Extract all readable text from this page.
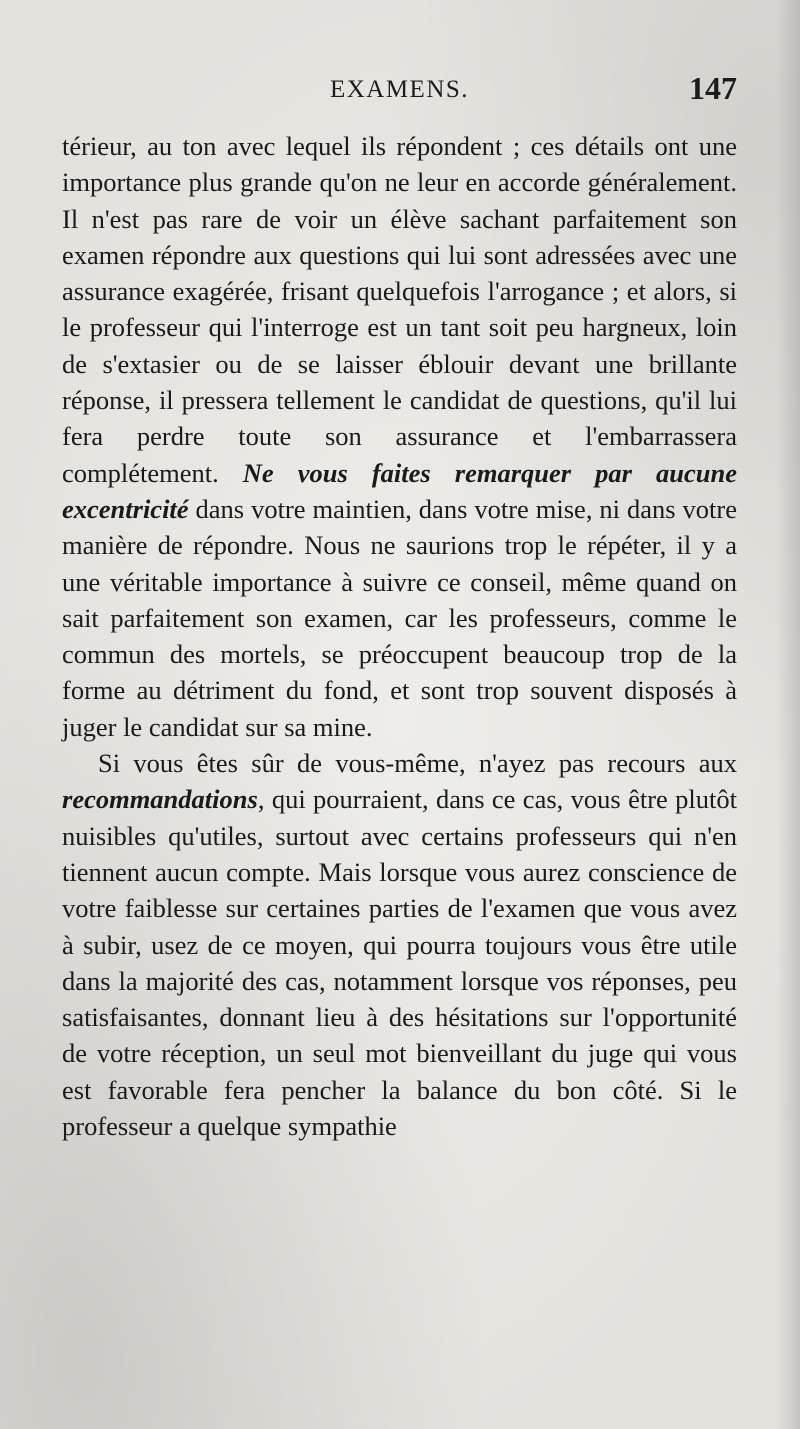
EXAMENS.	147

térieur, au ton avec lequel ils répondent ; ces détails ont une importance plus grande qu'on ne leur en accorde généralement. Il n'est pas rare de voir un élève sachant parfaitement son examen répondre aux questions qui lui sont adressées avec une assurance exagérée, frisant quelquefois l'arrogance ; et alors, si le professeur qui l'interroge est un tant soit peu hargneux, loin de s'extasier ou de se laisser éblouir devant une brillante réponse, il pressera tellement le candidat de questions, qu'il lui fera perdre toute son assurance et l'embarrassera complétement. Ne vous faites remarquer par aucune excentricité dans votre maintien, dans votre mise, ni dans votre manière de répondre. Nous ne saurions trop le répéter, il y a une véritable importance à suivre ce conseil, même quand on sait parfaitement son examen, car les professeurs, comme le commun des mortels, se préoccupent beaucoup trop de la forme au détriment du fond, et sont trop souvent disposés à juger le candidat sur sa mine.

Si vous êtes sûr de vous-même, n'ayez pas recours aux recommandations, qui pourraient, dans ce cas, vous être plutôt nuisibles qu'utiles, surtout avec certains professeurs qui n'en tiennent aucun compte. Mais lorsque vous aurez conscience de votre faiblesse sur certaines parties de l'examen que vous avez à subir, usez de ce moyen, qui pourra toujours vous être utile dans la majorité des cas, notamment lorsque vos réponses, peu satisfaisantes, donnant lieu à des hésitations sur l'opportunité de votre réception, un seul mot bienveillant du juge qui vous est favorable fera pencher la balance du bon côté. Si le professeur a quelque sympathie
